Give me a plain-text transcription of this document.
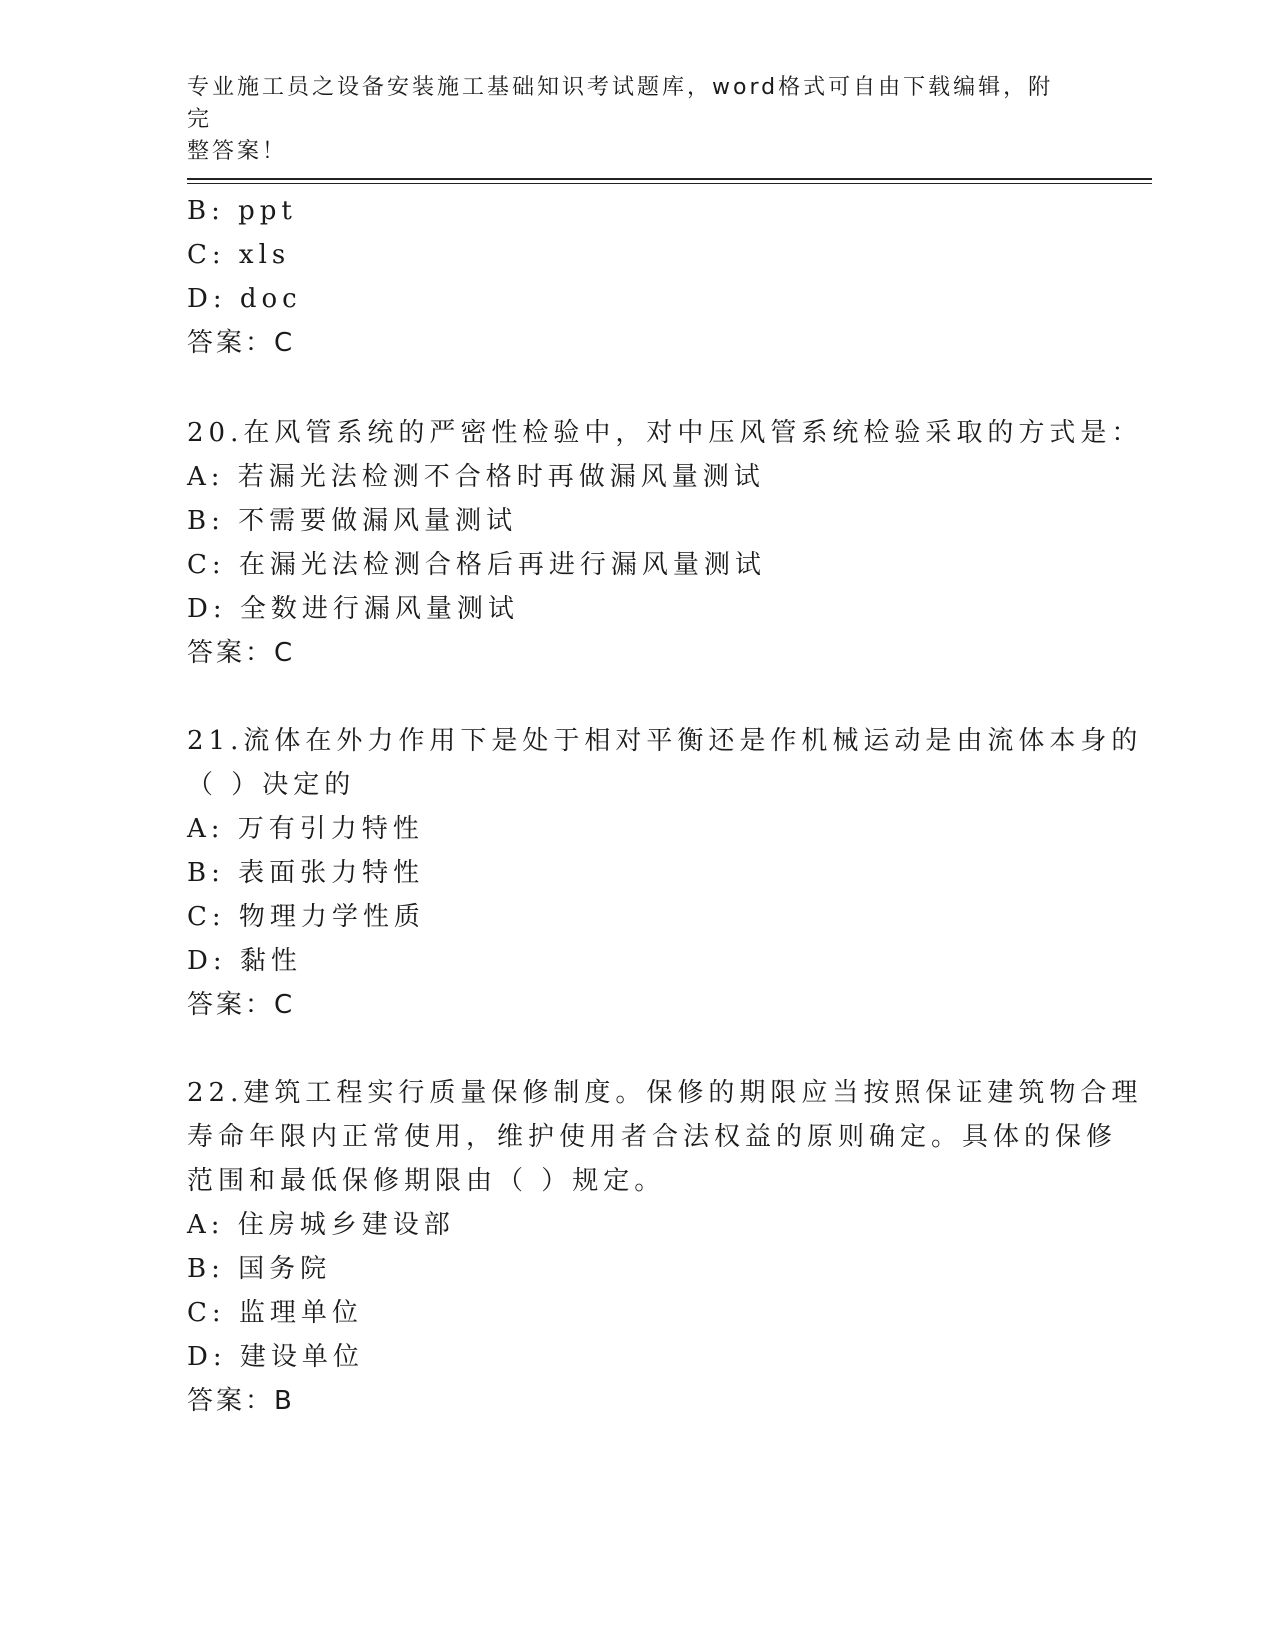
专业施工员之设备安装施工基础知识考试题库，word格式可自由下载编辑，附完
整答案！
B: ppt
C: xls
D: doc
答案：C
20.在风管系统的严密性检验中，对中压风管系统检验采取的方式是：
A: 若漏光法检测不合格时再做漏风量测试
B: 不需要做漏风量测试
C: 在漏光法检测合格后再进行漏风量测试
D: 全数进行漏风量测试
答案：C
21.流体在外力作用下是处于相对平衡还是作机械运动是由流体本身的
（ ）决定的
A: 万有引力特性
B: 表面张力特性
C: 物理力学性质
D: 黏性
答案：C
22.建筑工程实行质量保修制度。保修的期限应当按照保证建筑物合理
寿命年限内正常使用，维护使用者合法权益的原则确定。具体的保修
范围和最低保修期限由（ ）规定。
A: 住房城乡建设部
B: 国务院
C: 监理单位
D: 建设单位
答案：B
